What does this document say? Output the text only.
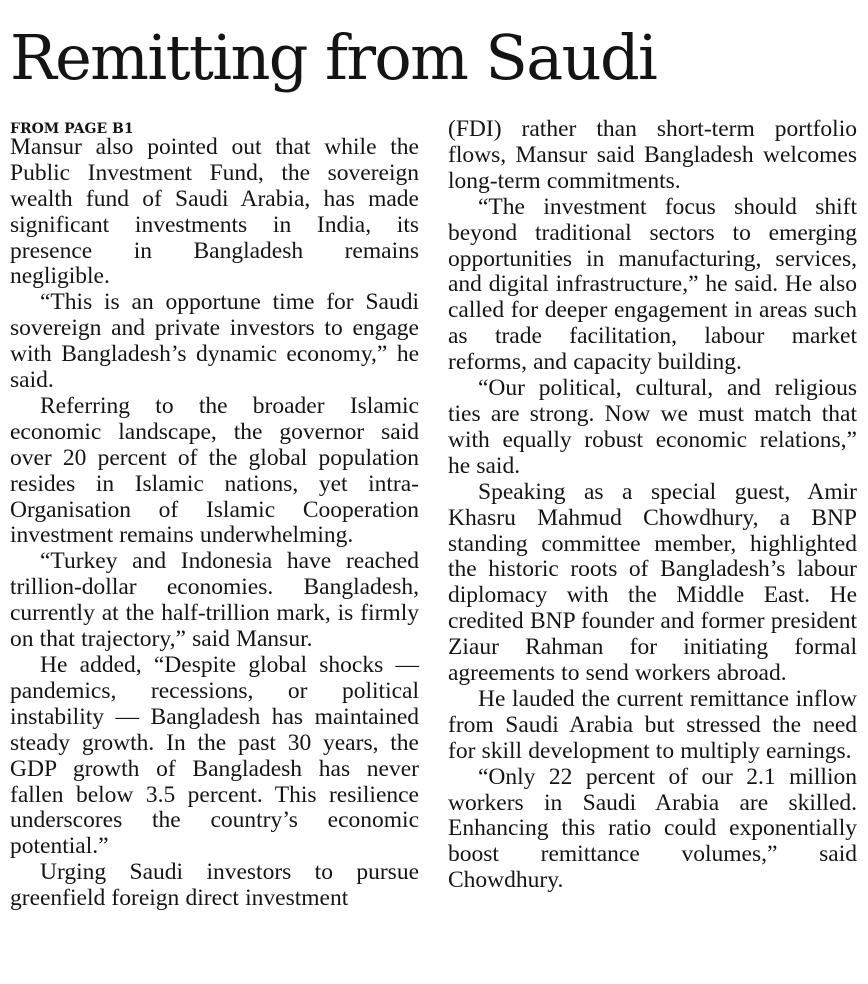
Remitting from Saudi
FROM PAGE B1

Mansur also pointed out that while the Public Investment Fund, the sovereign wealth fund of Saudi Arabia, has made significant investments in India, its presence in Bangladesh remains negligible.

“This is an opportune time for Saudi sovereign and private investors to engage with Bangladesh’s dynamic economy,” he said.

Referring to the broader Islamic economic landscape, the governor said over 20 percent of the global population resides in Islamic nations, yet intra-Organisation of Islamic Cooperation investment remains underwhelming.

“Turkey and Indonesia have reached trillion-dollar economies. Bangladesh, currently at the half-trillion mark, is firmly on that trajectory,” said Mansur.

He added, “Despite global shocks — pandemics, recessions, or political instability — Bangladesh has maintained steady growth. In the past 30 years, the GDP growth of Bangladesh has never fallen below 3.5 percent. This resilience underscores the country’s economic potential.”

Urging Saudi investors to pursue greenfield foreign direct investment

(FDI) rather than short-term portfolio flows, Mansur said Bangladesh welcomes long-term commitments.

“The investment focus should shift beyond traditional sectors to emerging opportunities in manufacturing, services, and digital infrastructure,” he said. He also called for deeper engagement in areas such as trade facilitation, labour market reforms, and capacity building.

“Our political, cultural, and religious ties are strong. Now we must match that with equally robust economic relations,” he said.

Speaking as a special guest, Amir Khasru Mahmud Chowdhury, a BNP standing committee member, highlighted the historic roots of Bangladesh’s labour diplomacy with the Middle East. He credited BNP founder and former president Ziaur Rahman for initiating formal agreements to send workers abroad.

He lauded the current remittance inflow from Saudi Arabia but stressed the need for skill development to multiply earnings.

“Only 22 percent of our 2.1 million workers in Saudi Arabia are skilled. Enhancing this ratio could exponentially boost remittance volumes,” said Chowdhury.
